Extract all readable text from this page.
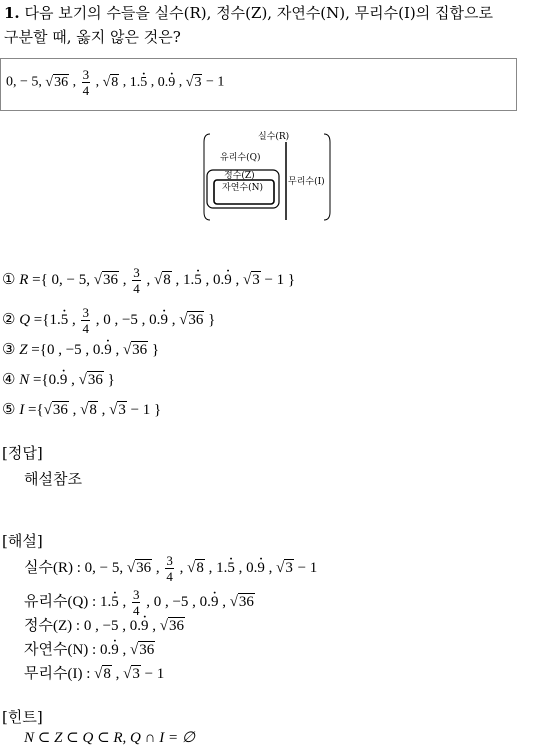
1. 다음 보기의 수들을 실수(R), 정수(Z), 자연수(N), 무리수(I)의 집합으로
구분할 때, 옳지 않은 것은?
0, − 5, √36 , $\frac{3}{4}$ , √8 , 1.5 · , 0.9 · , √3 − 1
실수(R)
유리수(Q)
정수(Z)
자연수(N)
무리수(I)
① R ={ 0, − 5, √36 , $\frac{3}{4}$ , √8 , 1.5 · , 0.9 · , √3 − 1 }
② Q ={1.5 · , $\frac{3}{4}$ , 0 , −5 , 0.9 · , √36 }
③ Z ={0 , −5 , 0.9 · , √36 }
④ N ={0.9 · , √36 }
⑤ I ={√36 , √8 , √3 − 1 }
[정답]
해설참조
[해설]
실수(R) : 0, − 5, √36 , $\frac{3}{4}$ , √8 , 1.5 · , 0.9 · , √3 − 1
유리수(Q) : 1.5 · , $\frac{3}{4}$ , 0 , −5 , 0.9 · , √36
정수(Z) : 0 , −5 , 0.9 · , √36
자연수(N) : 0.9 · , √36
무리수(I) : √8 , √3 − 1
[힌트]
N ⊂ Z ⊂ Q ⊂ R, Q ∩ I = ∅
